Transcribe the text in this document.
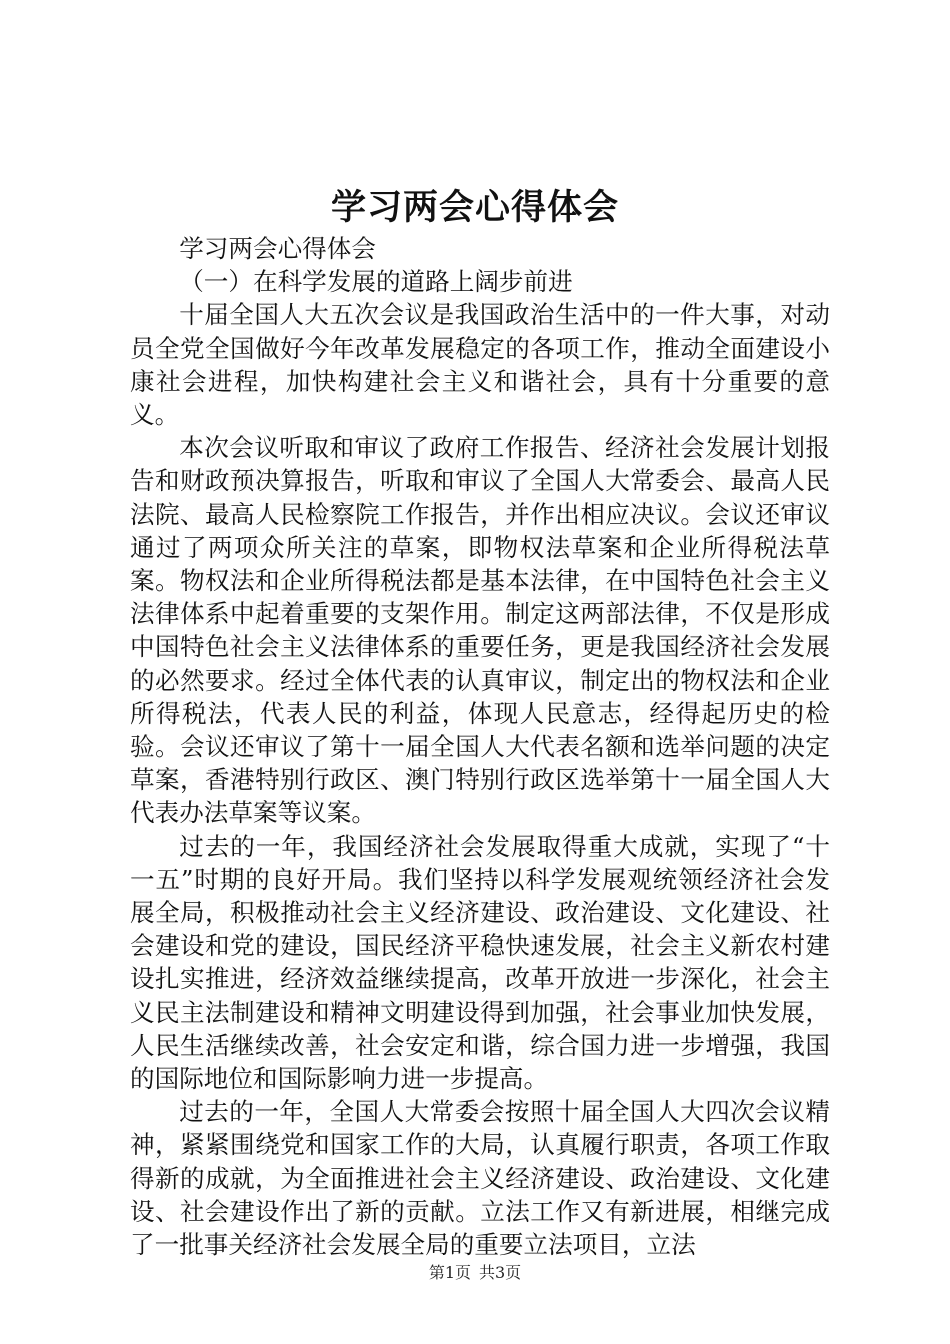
学习两会心得体会

学习两会心得体会

（一）在科学发展的道路上阔步前进

十届全国人大五次会议是我国政治生活中的一件大事，对动员全党全国做好今年改革发展稳定的各项工作，推动全面建设小康社会进程，加快构建社会主义和谐社会，具有十分重要的意义。

本次会议听取和审议了政府工作报告、经济社会发展计划报告和财政预决算报告，听取和审议了全国人大常委会、最高人民法院、最高人民检察院工作报告，并作出相应决议。会议还审议通过了两项众所关注的草案，即物权法草案和企业所得税法草案。物权法和企业所得税法都是基本法律，在中国特色社会主义法律体系中起着重要的支架作用。制定这两部法律，不仅是形成中国特色社会主义法律体系的重要任务，更是我国经济社会发展的必然要求。经过全体代表的认真审议，制定出的物权法和企业所得税法，代表人民的利益，体现人民意志，经得起历史的检验。会议还审议了第十一届全国人大代表名额和选举问题的决定草案，香港特别行政区、澳门特别行政区选举第十一届全国人大代表办法草案等议案。

过去的一年，我国经济社会发展取得重大成就，实现了“十一五”时期的良好开局。我们坚持以科学发展观统领经济社会发展全局，积极推动社会主义经济建设、政治建设、文化建设、社会建设和党的建设，国民经济平稳快速发展，社会主义新农村建设扎实推进，经济效益继续提高，改革开放进一步深化，社会主义民主法制建设和精神文明建设得到加强，社会事业加快发展，人民生活继续改善，社会安定和谐，综合国力进一步增强，我国的国际地位和国际影响力进一步提高。

过去的一年，全国人大常委会按照十届全国人大四次会议精神，紧紧围绕党和国家工作的大局，认真履行职责，各项工作取得新的成就，为全面推进社会主义经济建设、政治建设、文化建设、社会建设作出了新的贡献。立法工作又有新进展，相继完成了一批事关经济社会发展全局的重要立法项目，立法

第1页 共3页
